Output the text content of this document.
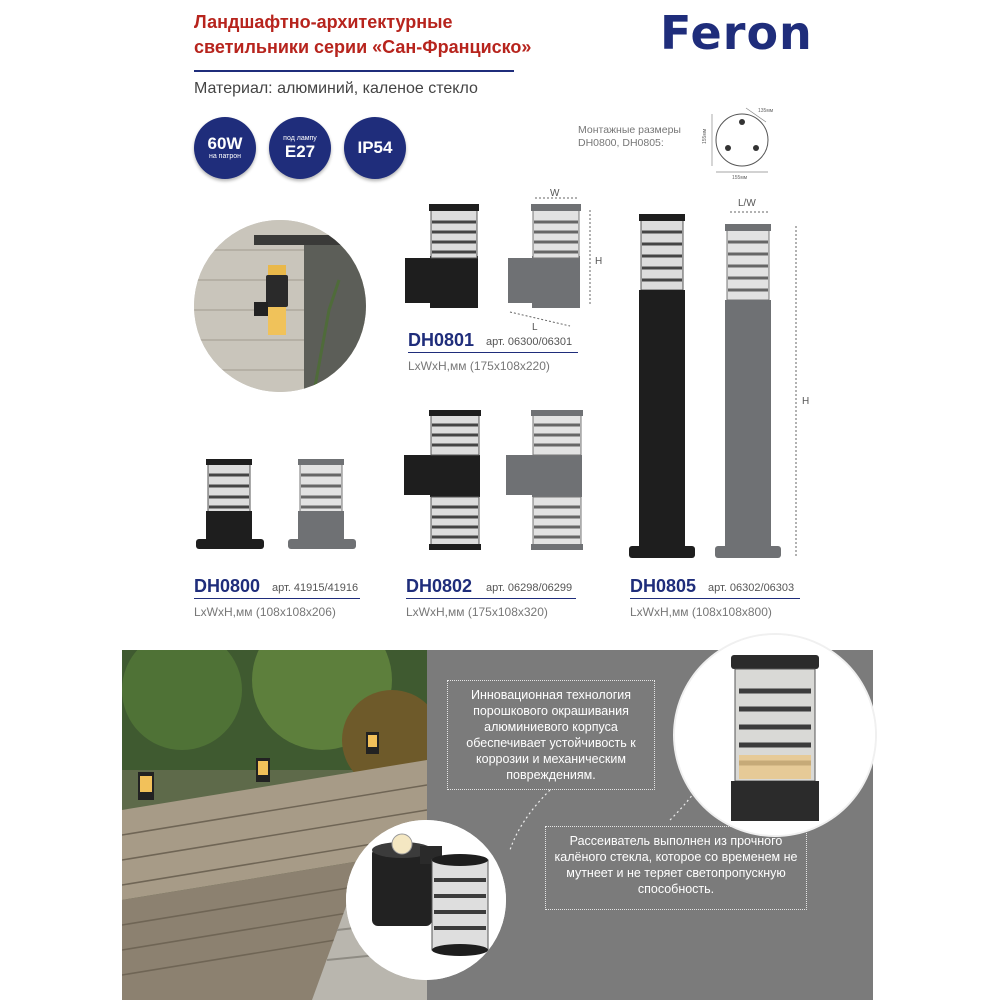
Ландшафтно-архитектурные
светильники серии «Сан-Франциско»	Feron
Материал: алюминий, каленое стекло
60W
на патрон
под лампу
E27 IP54
Монтажные размеры
DH0800, DH0805:	155мм
155мм
135мм
W
H
L
DH0801 арт. 06300/06301
LxWxH,мм (175x108x220)
DH0800 арт. 41915/41916
LxWxH,мм (108x108x206)
DH0802 арт. 06298/06299
LxWxH,мм (175x108x320)
L/W
H
DH0805 арт. 06302/06303
LxWxH,мм (108x108x800)
Инновационная технология порошкового окрашивания алюминиевого корпуса обеспечивает устойчивость к коррозии и механическим повреждениям.
Рассеиватель выполнен из прочного калёного стекла, которое со временем не мутнеет и не теряет светопропускную способность.
